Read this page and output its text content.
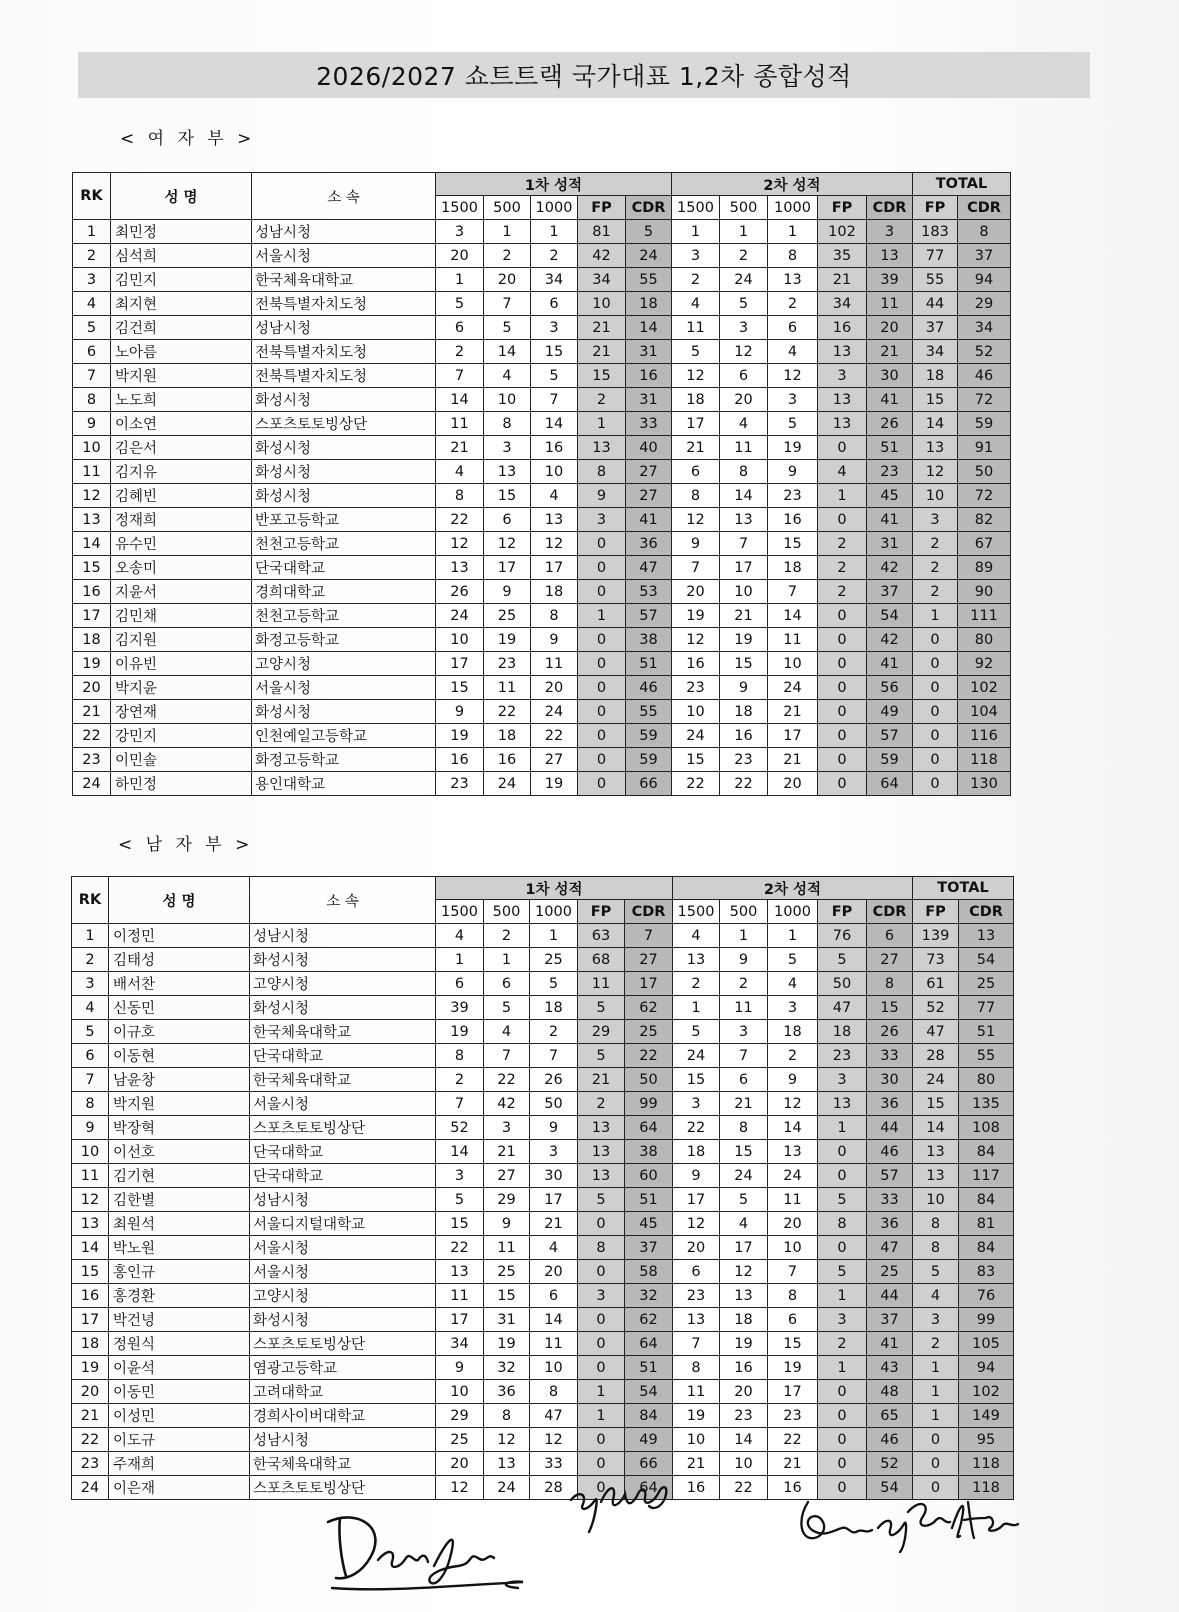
2026/2027 쇼트트랙 국가대표 1,2차 종합성적
< 여 자 부 >
RK	성 명	소 속	1차 성적					2차 성적					TOTAL	
			1500	500	1000	FP	CDR	1500	500	1000	FP	CDR	FP	CDR
1	최민정	성남시청	3	1	1	81	5	1	1	1	102	3	183	8
2	심석희	서울시청	20	2	2	42	24	3	2	8	35	13	77	37
3	김민지	한국체육대학교	1	20	34	34	55	2	24	13	21	39	55	94
4	최지현	전북특별자치도청	5	7	6	10	18	4	5	2	34	11	44	29
5	김건희	성남시청	6	5	3	21	14	11	3	6	16	20	37	34
6	노아름	전북특별자치도청	2	14	15	21	31	5	12	4	13	21	34	52
7	박지원	전북특별자치도청	7	4	5	15	16	12	6	12	3	30	18	46
8	노도희	화성시청	14	10	7	2	31	18	20	3	13	41	15	72
9	이소연	스포츠토토빙상단	11	8	14	1	33	17	4	5	13	26	14	59
10	김은서	화성시청	21	3	16	13	40	21	11	19	0	51	13	91
11	김지유	화성시청	4	13	10	8	27	6	8	9	4	23	12	50
12	김혜빈	화성시청	8	15	4	9	27	8	14	23	1	45	10	72
13	정재희	반포고등학교	22	6	13	3	41	12	13	16	0	41	3	82
14	유수민	천천고등학교	12	12	12	0	36	9	7	15	2	31	2	67
15	오송미	단국대학교	13	17	17	0	47	7	17	18	2	42	2	89
16	지윤서	경희대학교	26	9	18	0	53	20	10	7	2	37	2	90
17	김민채	천천고등학교	24	25	8	1	57	19	21	14	0	54	1	111
18	김지원	화정고등학교	10	19	9	0	38	12	19	11	0	42	0	80
19	이유빈	고양시청	17	23	11	0	51	16	15	10	0	41	0	92
20	박지윤	서울시청	15	11	20	0	46	23	9	24	0	56	0	102
21	장연재	화성시청	9	22	24	0	55	10	18	21	0	49	0	104
22	강민지	인천예일고등학교	19	18	22	0	59	24	16	17	0	57	0	116
23	이민솔	화정고등학교	16	16	27	0	59	15	23	21	0	59	0	118
24	하민정	용인대학교	23	24	19	0	66	22	22	20	0	64	0	130
< 남 자 부 >
RK	성 명	소 속	1차 성적					2차 성적					TOTAL	
			1500	500	1000	FP	CDR	1500	500	1000	FP	CDR	FP	CDR
1	이정민	성남시청	4	2	1	63	7	4	1	1	76	6	139	13
2	김태성	화성시청	1	1	25	68	27	13	9	5	5	27	73	54
3	배서찬	고양시청	6	6	5	11	17	2	2	4	50	8	61	25
4	신동민	화성시청	39	5	18	5	62	1	11	3	47	15	52	77
5	이규호	한국체육대학교	19	4	2	29	25	5	3	18	18	26	47	51
6	이동현	단국대학교	8	7	7	5	22	24	7	2	23	33	28	55
7	남윤창	한국체육대학교	2	22	26	21	50	15	6	9	3	30	24	80
8	박지원	서울시청	7	42	50	2	99	3	21	12	13	36	15	135
9	박장혁	스포츠토토빙상단	52	3	9	13	64	22	8	14	1	44	14	108
10	이선호	단국대학교	14	21	3	13	38	18	15	13	0	46	13	84
11	김기현	단국대학교	3	27	30	13	60	9	24	24	0	57	13	117
12	김한별	성남시청	5	29	17	5	51	17	5	11	5	33	10	84
13	최원석	서울디지털대학교	15	9	21	0	45	12	4	20	8	36	8	81
14	박노원	서울시청	22	11	4	8	37	20	17	10	0	47	8	84
15	홍인규	서울시청	13	25	20	0	58	6	12	7	5	25	5	83
16	홍경환	고양시청	11	15	6	3	32	23	13	8	1	44	4	76
17	박건녕	화성시청	17	31	14	0	62	13	18	6	3	37	3	99
18	정원식	스포츠토토빙상단	34	19	11	0	64	7	19	15	2	41	2	105
19	이윤석	염광고등학교	9	32	10	0	51	8	16	19	1	43	1	94
20	이동민	고려대학교	10	36	8	1	54	11	20	17	0	48	1	102
21	이성민	경희사이버대학교	29	8	47	1	84	19	23	23	0	65	1	149
22	이도규	성남시청	25	12	12	0	49	10	14	22	0	46	0	95
23	주재희	한국체육대학교	20	13	33	0	66	21	10	21	0	52	0	118
24	이은재	스포츠토토빙상단	12	24	28	0	64	16	22	16	0	54	0	118
